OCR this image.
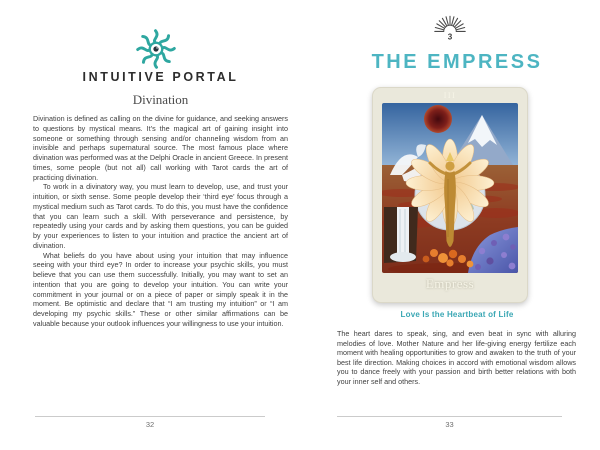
INTUITIVE PORTAL
Divination

Divination is defined as calling on the divine for guidance, and seeking answers to questions by mystical means. It’s the magical art of gaining insight into someone or something through sensing and/or channeling wisdom from an invisible and perhaps supernatural source. The most famous place where divination was performed was at the Delphi Oracle in ancient Greece. In present times, some people (but not all) call working with Tarot cards the art of practicing divination.

To work in a divinatory way, you must learn to develop, use, and trust your intuition, or sixth sense. Some people develop their ‘third eye’ focus through a mystical medium such as Tarot cards. To do this, you must have the confidence that you can learn such a skill. With perseverance and persistence, by repeatedly using your cards and by asking them questions, you can be guided by your experiences to listen to your intuition and practice the ancient art of divination.

What beliefs do you have about using your intuition that may influence seeing with your third eye? In order to increase your psychic skills, you must believe that you can use them successfully. Initially, you may want to set an intention that you are going to develop your intuition. You can write your commitment in your journal or on a piece of paper or simply speak it in the moment. Be optimistic and declare that “I am trusting my intuition” or “I am developing my psychic skills.” These or other similar affirmations can be valuable because your outlook influences your willingness to use your intuition.

32
3
THE EMPRESS
III
Empress
Love Is the Heartbeat of Life

The heart dares to speak, sing, and even beat in sync with alluring melodies of love. Mother Nature and her life-giving energy fertilize each moment with healing opportunities to grow and awaken to the truth of your best life direction. Making choices in accord with emotional wisdom allows you to dance freely with your passion and birth better relations with both your inner self and others.

33
